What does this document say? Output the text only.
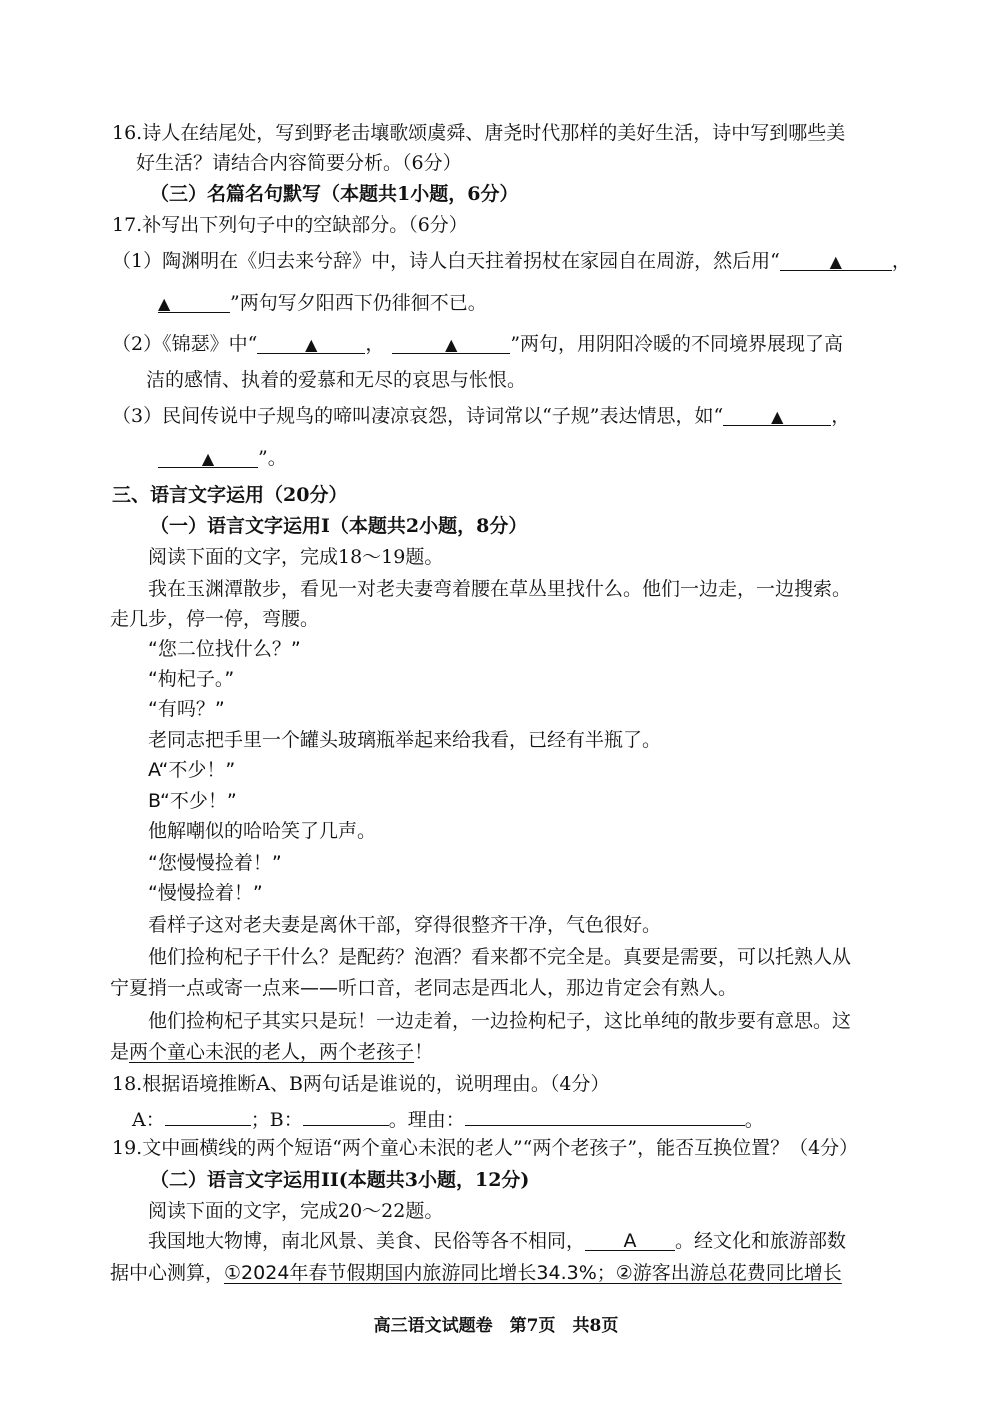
16.诗人在结尾处，写到野老击壤歌颂虞舜、唐尧时代那样的美好生活，诗中写到哪些美
好生活？请结合内容简要分析。（6分）
（三）名篇名句默写（本题共1小题，6分）
17.补写出下列句子中的空缺部分。（6分）
（1）陶渊明在《归去来兮辞》中，诗人白天拄着拐杖在家园自在周游，然后用“	▲	，
▲	”两句写夕阳西下仍徘徊不已。
（2）《锦瑟》中“	▲	，	▲	”两句，用阴阳冷暖的不同境界展现了高
洁的感情、执着的爱慕和无尽的哀思与怅恨。
（3）民间传说中子规鸟的啼叫凄凉哀怨，诗词常以“子规”表达情思，如“	▲	，
▲ ”。
三、语言文字运用（20分）
（一）语言文字运用Ⅰ（本题共2小题，8分）
阅读下面的文字，完成18～19题。
我在玉渊潭散步，看见一对老夫妻弯着腰在草丛里找什么。他们一边走，一边搜索。
走几步，停一停，弯腰。
“您二位找什么？”
“枸杞子。”
“有吗？”
老同志把手里一个罐头玻璃瓶举起来给我看，已经有半瓶了。
A“不少！”
B“不少！”
他解嘲似的哈哈笑了几声。
“您慢慢捡着！”
“慢慢捡着！”
看样子这对老夫妻是离休干部，穿得很整齐干净，气色很好。
他们捡枸杞子干什么？是配药？泡酒？看来都不完全是。真要是需要，可以托熟人从
宁夏捎一点或寄一点来——听口音，老同志是西北人，那边肯定会有熟人。
他们捡枸杞子其实只是玩！一边走着，一边捡枸杞子，这比单纯的散步要有意思。这
是两个童心未泯的老人，两个老孩子！
18.根据语境推断A、B两句话是谁说的，说明理由。（4分）
A：	；B：	。理由：	。
19.文中画横线的两个短语“两个童心未泯的老人”“两个老孩子”，能否互换位置？（4分）
（二）语言文字运用II(本题共3小题，12分)
阅读下面的文字，完成20～22题。
我国地大物博，南北风景、美食、民俗等各不相同， A 。经文化和旅游部数
据中心测算，①2024年春节假期国内旅游同比增长34.3%；②游客出游总花费同比增长
高三语文试题卷　第7页　共8页
